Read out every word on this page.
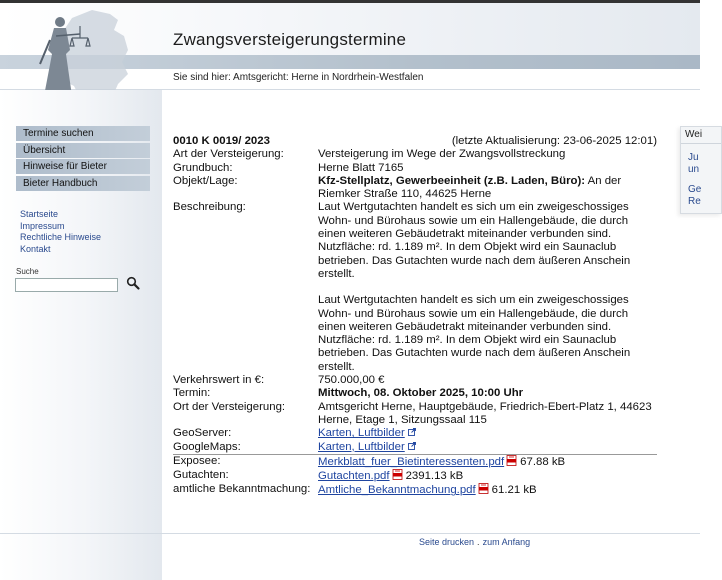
Zwangsversteigerungstermine
Sie sind hier: Amtsgericht: Herne in Nordrhein-Westfalen
Termine suchen
Übersicht
Hinweise für Bieter
Bieter Handbuch
Startseite
Impressum
Rechtliche Hinweise
Kontakt
Suche
0010 K 0019/ 2023	(letzte Aktualisierung: 23-06-2025 12:01)
Art der Versteigerung:	Versteigerung im Wege der Zwangsvollstreckung
Grundbuch:	Herne Blatt 7165
Objekt/Lage:	Kfz-Stellplatz, Gewerbeeinheit (z.B. Laden, Büro): An der Riemker Straße 110, 44625 Herne
Beschreibung:	Laut Wertgutachten handelt es sich um ein zweigeschossiges Wohn- und Bürohaus sowie um ein Hallengebäude, die durch einen weiteren Gebäudetrakt miteinander verbunden sind. Nutzfläche: rd. 1.189 m². In dem Objekt wird ein Saunaclub betrieben. Das Gutachten wurde nach dem äußeren Anschein erstellt.
Laut Wertgutachten handelt es sich um ein zweigeschossiges Wohn- und Bürohaus sowie um ein Hallengebäude, die durch einen weiteren Gebäudetrakt miteinander verbunden sind. Nutzfläche: rd. 1.189 m². In dem Objekt wird ein Saunaclub betrieben. Das Gutachten wurde nach dem äußeren Anschein erstellt.

Verkehrswert in €:	750.000,00 €
Termin:	Mittwoch, 08. Oktober 2025, 10:00 Uhr
Ort der Versteigerung:	Amtsgericht Herne, Hauptgebäude, Friedrich-Ebert-Platz 1, 44623 Herne, Etage 1, Sitzungssaal 115
GeoServer:	Karten, Luftbilder
GoogleMaps:	Karten, Luftbilder
Exposee:	Merkblatt_fuer_Bietinteressenten.pdf 67.88 kB
Gutachten:	Gutachten.pdf 2391.13 kB
amtliche Bekanntmachung:	Amtliche_Bekanntmachung.pdf 61.21 kB
Seite drucken . zum Anfang
Wei
Ju
un
Ge
Re
